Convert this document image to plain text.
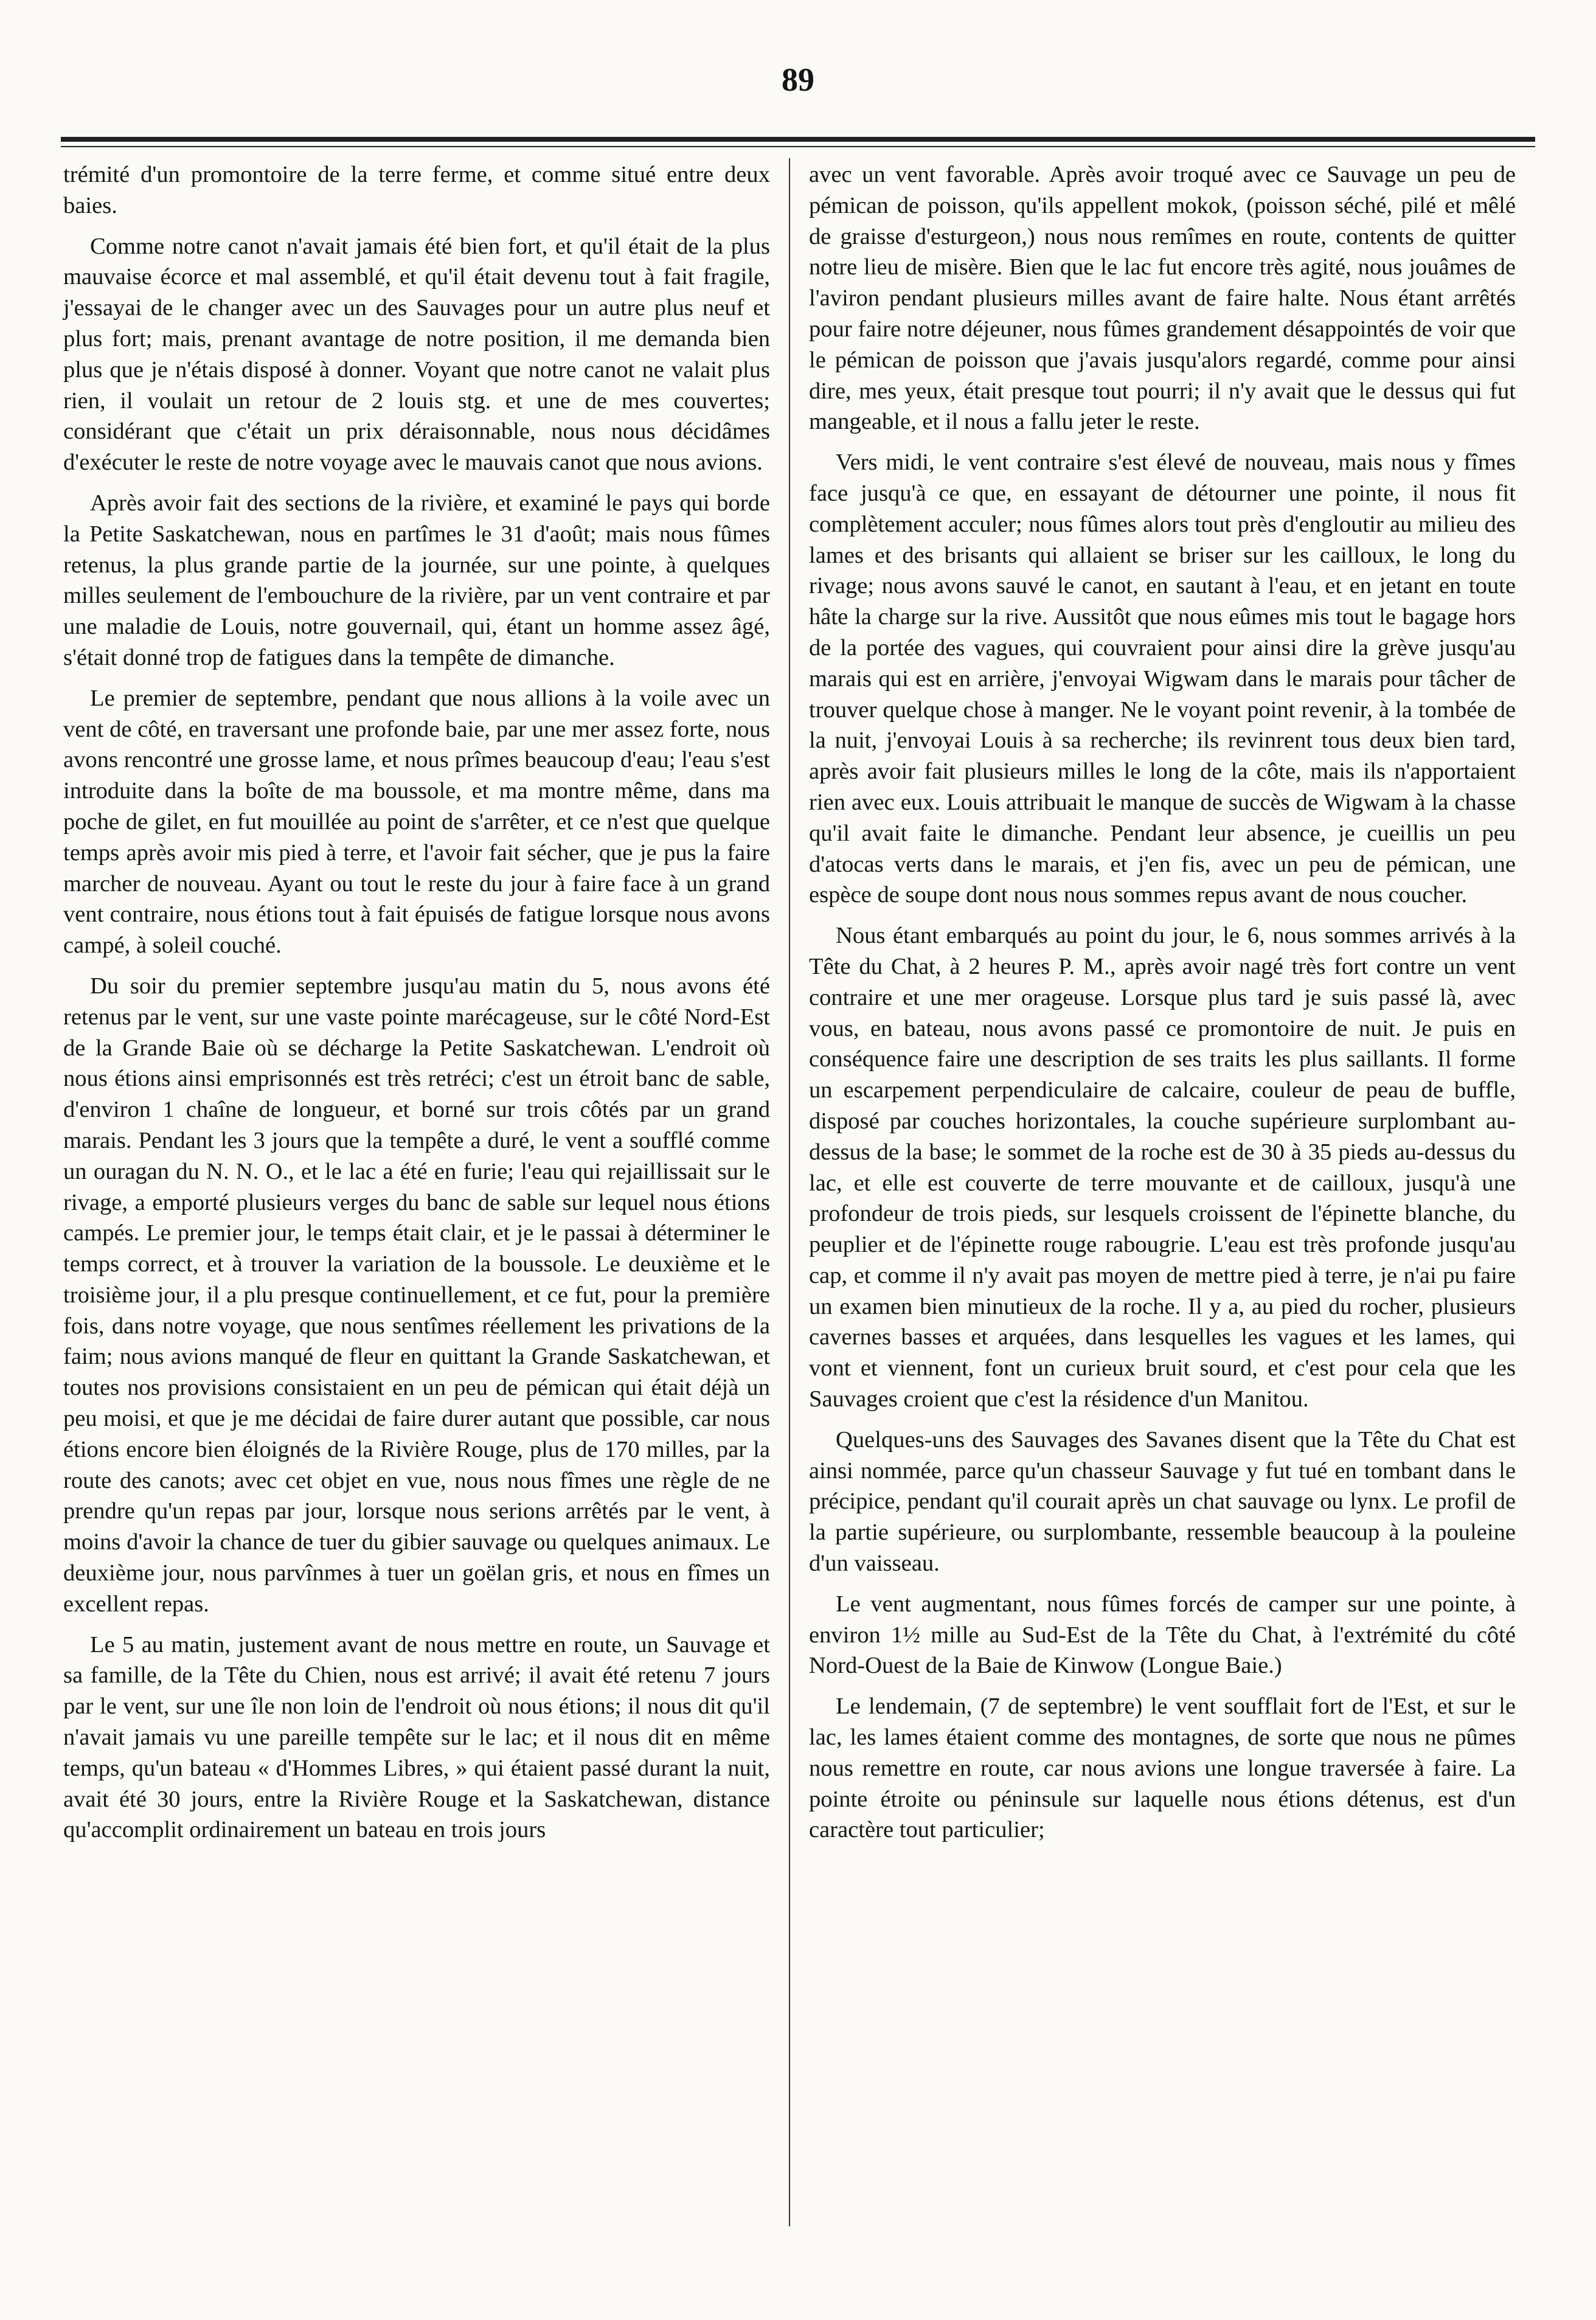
89

trémité d'un promontoire de la terre ferme, et comme situé entre deux baies.

Comme notre canot n'avait jamais été bien fort, et qu'il était de la plus mauvaise écorce et mal assemblé, et qu'il était devenu tout à fait fragile, j'essayai de le changer avec un des Sauvages pour un autre plus neuf et plus fort; mais, prenant avantage de notre position, il me demanda bien plus que je n'étais disposé à donner. Voyant que notre canot ne valait plus rien, il voulait un retour de 2 louis stg. et une de mes couvertes; considérant que c'était un prix déraisonnable, nous nous décidâmes d'exécuter le reste de notre voyage avec le mauvais canot que nous avions.

Après avoir fait des sections de la rivière, et examiné le pays qui borde la Petite Saskatchewan, nous en partîmes le 31 d'août; mais nous fûmes retenus, la plus grande partie de la journée, sur une pointe, à quelques milles seulement de l'embouchure de la rivière, par un vent contraire et par une maladie de Louis, notre gouvernail, qui, étant un homme assez âgé, s'était donné trop de fatigues dans la tempête de dimanche.

Le premier de septembre, pendant que nous allions à la voile avec un vent de côté, en traversant une profonde baie, par une mer assez forte, nous avons rencontré une grosse lame, et nous prîmes beaucoup d'eau; l'eau s'est introduite dans la boîte de ma boussole, et ma montre même, dans ma poche de gilet, en fut mouillée au point de s'arrêter, et ce n'est que quelque temps après avoir mis pied à terre, et l'avoir fait sécher, que je pus la faire marcher de nouveau. Ayant ou tout le reste du jour à faire face à un grand vent contraire, nous étions tout à fait épuisés de fatigue lorsque nous avons campé, à soleil couché.

Du soir du premier septembre jusqu'au matin du 5, nous avons été retenus par le vent, sur une vaste pointe marécageuse, sur le côté Nord-Est de la Grande Baie où se décharge la Petite Saskatchewan. L'endroit où nous étions ainsi emprisonnés est très retréci; c'est un étroit banc de sable, d'environ 1 chaîne de longueur, et borné sur trois côtés par un grand marais. Pendant les 3 jours que la tempête a duré, le vent a soufflé comme un ouragan du N. N. O., et le lac a été en furie; l'eau qui rejaillissait sur le rivage, a emporté plusieurs verges du banc de sable sur lequel nous étions campés. Le premier jour, le temps était clair, et je le passai à déterminer le temps correct, et à trouver la variation de la boussole. Le deuxième et le troisième jour, il a plu presque continuellement, et ce fut, pour la première fois, dans notre voyage, que nous sentîmes réellement les privations de la faim; nous avions manqué de fleur en quittant la Grande Saskatchewan, et toutes nos provisions consistaient en un peu de pémican qui était déjà un peu moisi, et que je me décidai de faire durer autant que possible, car nous étions encore bien éloignés de la Rivière Rouge, plus de 170 milles, par la route des canots; avec cet objet en vue, nous nous fîmes une règle de ne prendre qu'un repas par jour, lorsque nous serions arrêtés par le vent, à moins d'avoir la chance de tuer du gibier sauvage ou quelques animaux. Le deuxième jour, nous parvînmes à tuer un goëlan gris, et nous en fîmes un excellent repas.

Le 5 au matin, justement avant de nous mettre en route, un Sauvage et sa famille, de la Tête du Chien, nous est arrivé; il avait été retenu 7 jours par le vent, sur une île non loin de l'endroit où nous étions; il nous dit qu'il n'avait jamais vu une pareille tempête sur le lac; et il nous dit en même temps, qu'un bateau « d'Hommes Libres, » qui étaient passé durant la nuit, avait été 30 jours, entre la Rivière Rouge et la Saskatchewan, distance qu'accomplit ordinairement un bateau en trois jours

avec un vent favorable. Après avoir troqué avec ce Sauvage un peu de pémican de poisson, qu'ils appellent mokok, (poisson séché, pilé et mêlé de graisse d'esturgeon,) nous nous remîmes en route, contents de quitter notre lieu de misère. Bien que le lac fut encore très agité, nous jouâmes de l'aviron pendant plusieurs milles avant de faire halte. Nous étant arrêtés pour faire notre déjeuner, nous fûmes grandement désappointés de voir que le pémican de poisson que j'avais jusqu'alors regardé, comme pour ainsi dire, mes yeux, était presque tout pourri; il n'y avait que le dessus qui fut mangeable, et il nous a fallu jeter le reste.

Vers midi, le vent contraire s'est élevé de nouveau, mais nous y fîmes face jusqu'à ce que, en essayant de détourner une pointe, il nous fit complètement acculer; nous fûmes alors tout près d'engloutir au milieu des lames et des brisants qui allaient se briser sur les cailloux, le long du rivage; nous avons sauvé le canot, en sautant à l'eau, et en jetant en toute hâte la charge sur la rive. Aussitôt que nous eûmes mis tout le bagage hors de la portée des vagues, qui couvraient pour ainsi dire la grève jusqu'au marais qui est en arrière, j'envoyai Wigwam dans le marais pour tâcher de trouver quelque chose à manger. Ne le voyant point revenir, à la tombée de la nuit, j'envoyai Louis à sa recherche; ils revinrent tous deux bien tard, après avoir fait plusieurs milles le long de la côte, mais ils n'apportaient rien avec eux. Louis attribuait le manque de succès de Wigwam à la chasse qu'il avait faite le dimanche. Pendant leur absence, je cueillis un peu d'atocas verts dans le marais, et j'en fis, avec un peu de pémican, une espèce de soupe dont nous nous sommes repus avant de nous coucher.

Nous étant embarqués au point du jour, le 6, nous sommes arrivés à la Tête du Chat, à 2 heures P. M., après avoir nagé très fort contre un vent contraire et une mer orageuse. Lorsque plus tard je suis passé là, avec vous, en bateau, nous avons passé ce promontoire de nuit. Je puis en conséquence faire une description de ses traits les plus saillants. Il forme un escarpement perpendiculaire de calcaire, couleur de peau de buffle, disposé par couches horizontales, la couche supérieure surplombant au-dessus de la base; le sommet de la roche est de 30 à 35 pieds au-dessus du lac, et elle est couverte de terre mouvante et de cailloux, jusqu'à une profondeur de trois pieds, sur lesquels croissent de l'épinette blanche, du peuplier et de l'épinette rouge rabougrie. L'eau est très profonde jusqu'au cap, et comme il n'y avait pas moyen de mettre pied à terre, je n'ai pu faire un examen bien minutieux de la roche. Il y a, au pied du rocher, plusieurs cavernes basses et arquées, dans lesquelles les vagues et les lames, qui vont et viennent, font un curieux bruit sourd, et c'est pour cela que les Sauvages croient que c'est la résidence d'un Manitou.

Quelques-uns des Sauvages des Savanes disent que la Tête du Chat est ainsi nommée, parce qu'un chasseur Sauvage y fut tué en tombant dans le précipice, pendant qu'il courait après un chat sauvage ou lynx. Le profil de la partie supérieure, ou surplombante, ressemble beaucoup à la pouleine d'un vaisseau.

Le vent augmentant, nous fûmes forcés de camper sur une pointe, à environ 1½ mille au Sud-Est de la Tête du Chat, à l'extrémité du côté Nord-Ouest de la Baie de Kinwow (Longue Baie.)

Le lendemain, (7 de septembre) le vent soufflait fort de l'Est, et sur le lac, les lames étaient comme des montagnes, de sorte que nous ne pûmes nous remettre en route, car nous avions une longue traversée à faire. La pointe étroite ou péninsule sur laquelle nous étions détenus, est d'un caractère tout particulier;
